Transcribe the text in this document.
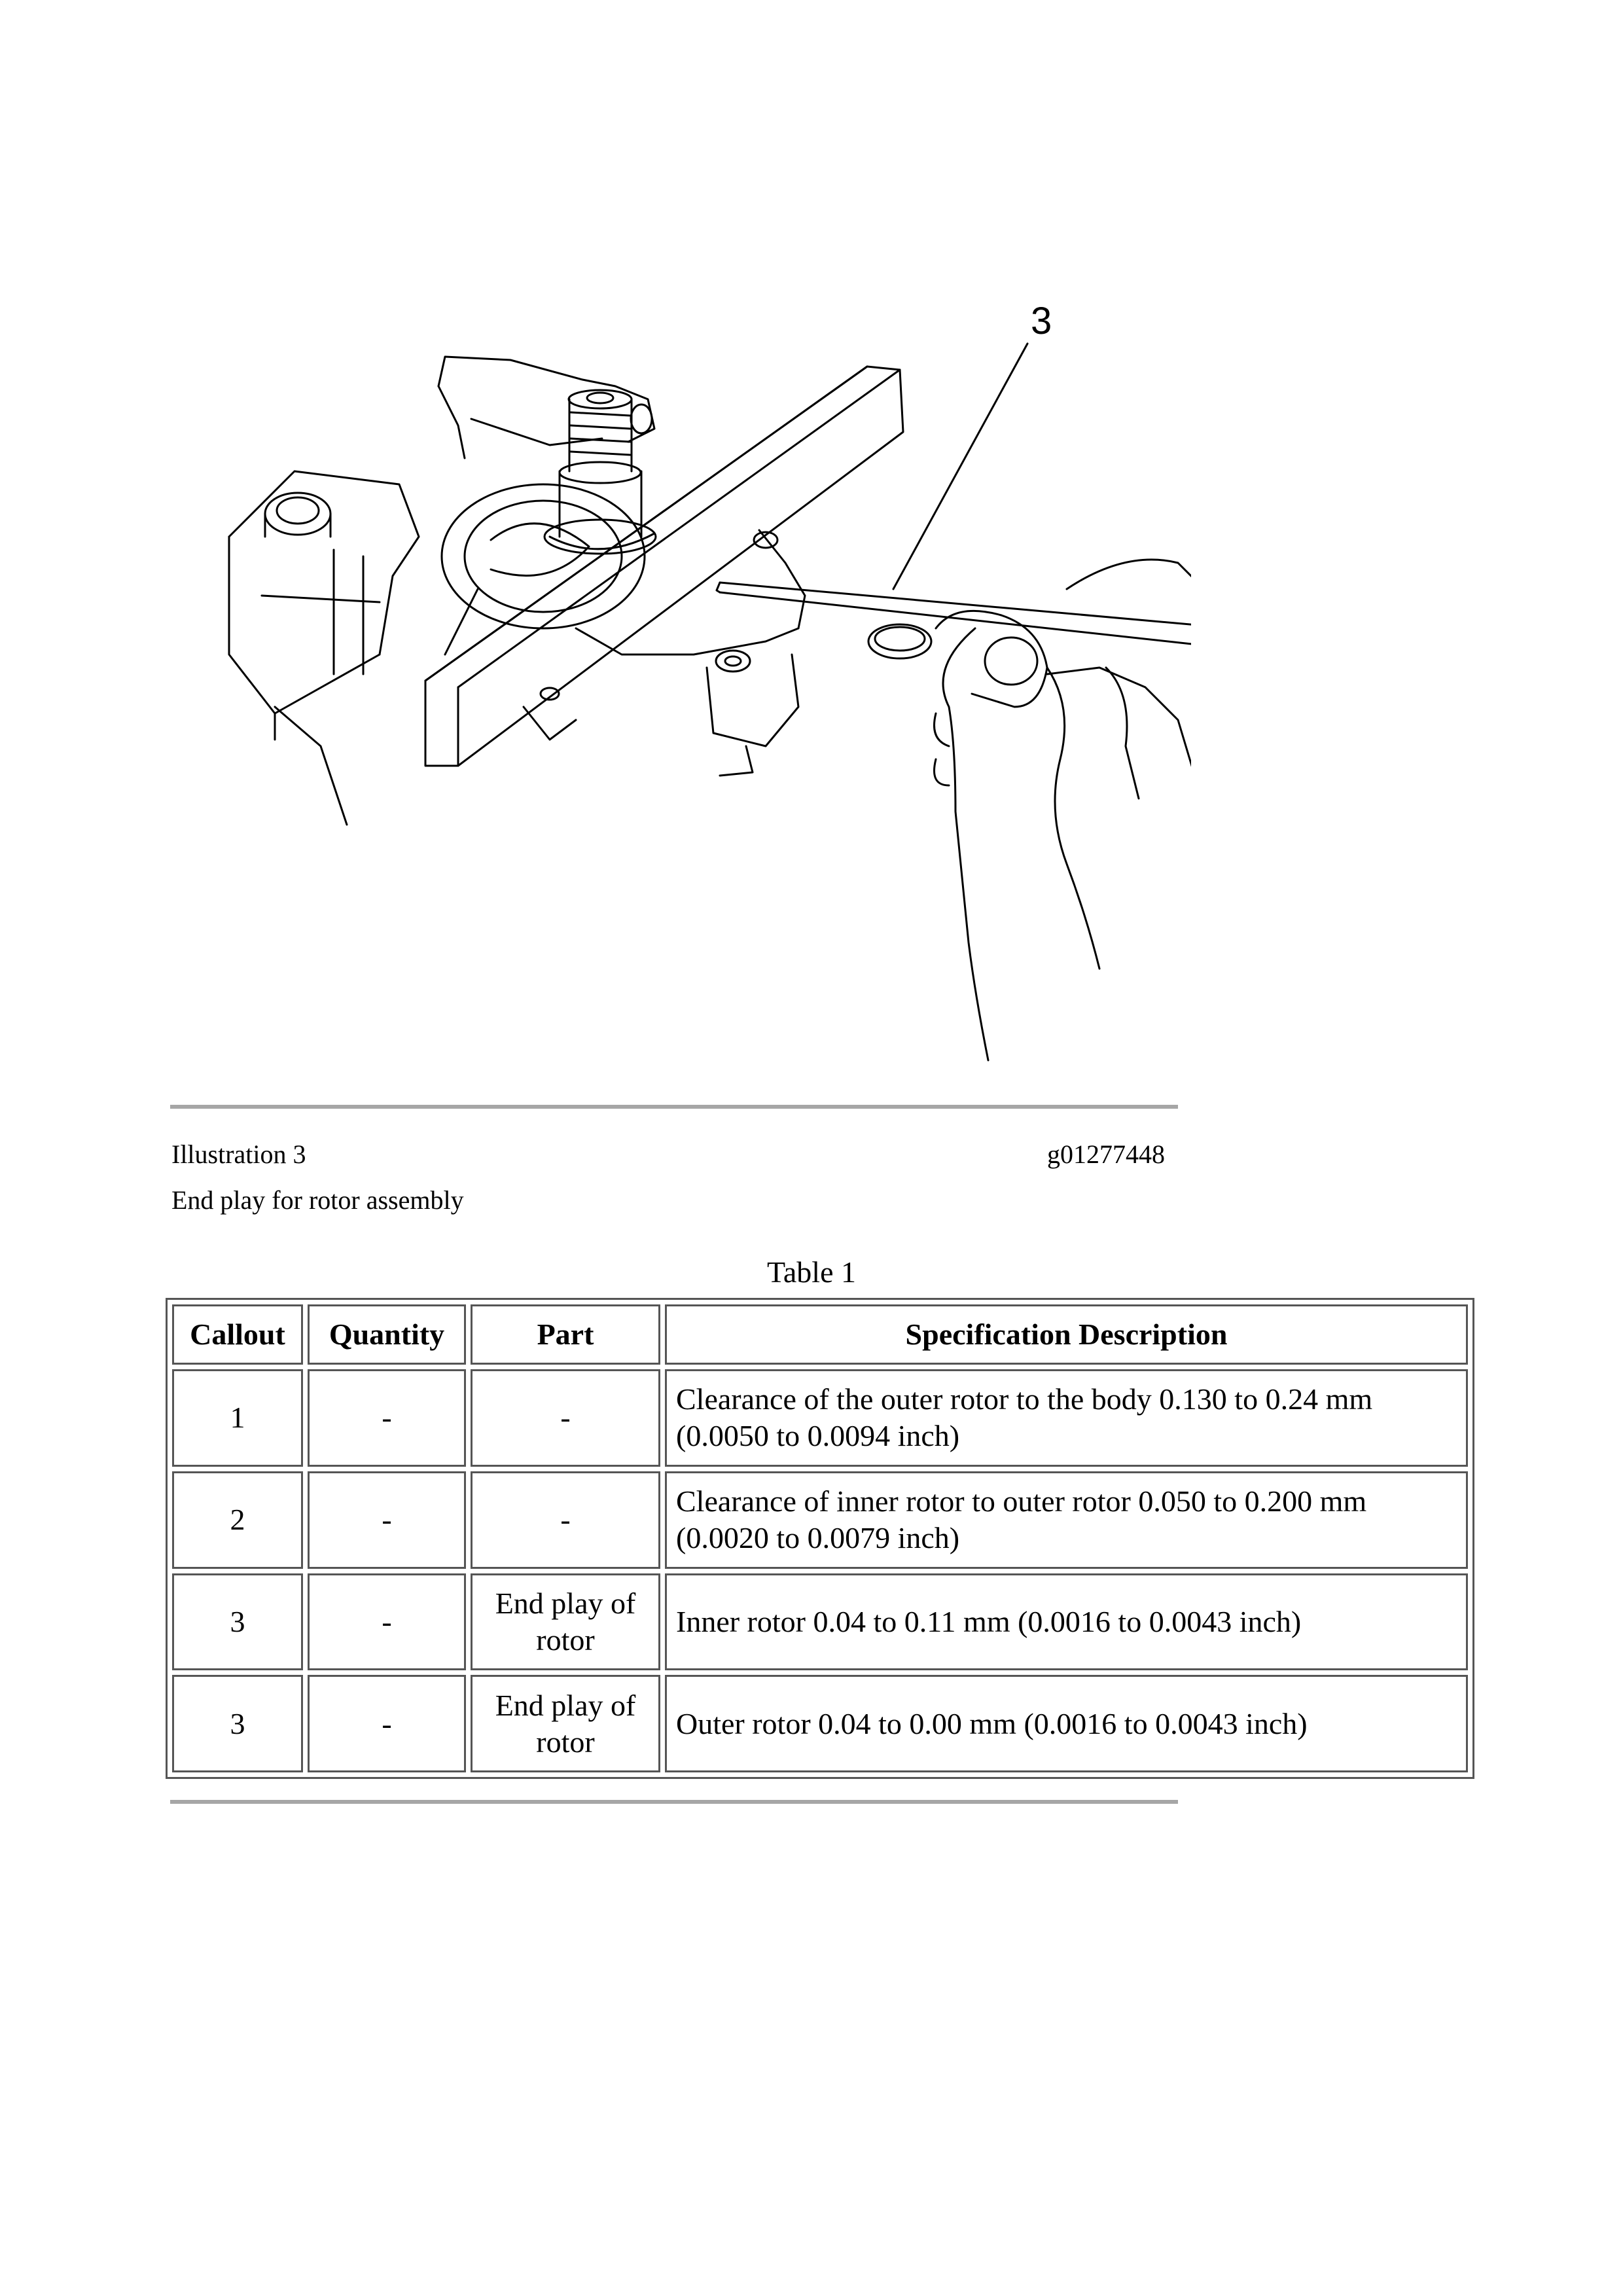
3
Illustration 3	g01277448
End play for rotor assembly
Table 1
Callout	Quantity	Part	Specification Description
1	-	-	Clearance of the outer rotor to the body 0.130 to 0.24 mm (0.0050 to 0.0094 inch)
2	-	-	Clearance of inner rotor to outer rotor 0.050 to 0.200 mm (0.0020 to 0.0079 inch)
3	-	End play of rotor	Inner rotor 0.04 to 0.11 mm (0.0016 to 0.0043 inch)
3	-	End play of rotor	Outer rotor 0.04 to 0.00 mm (0.0016 to 0.0043 inch)
